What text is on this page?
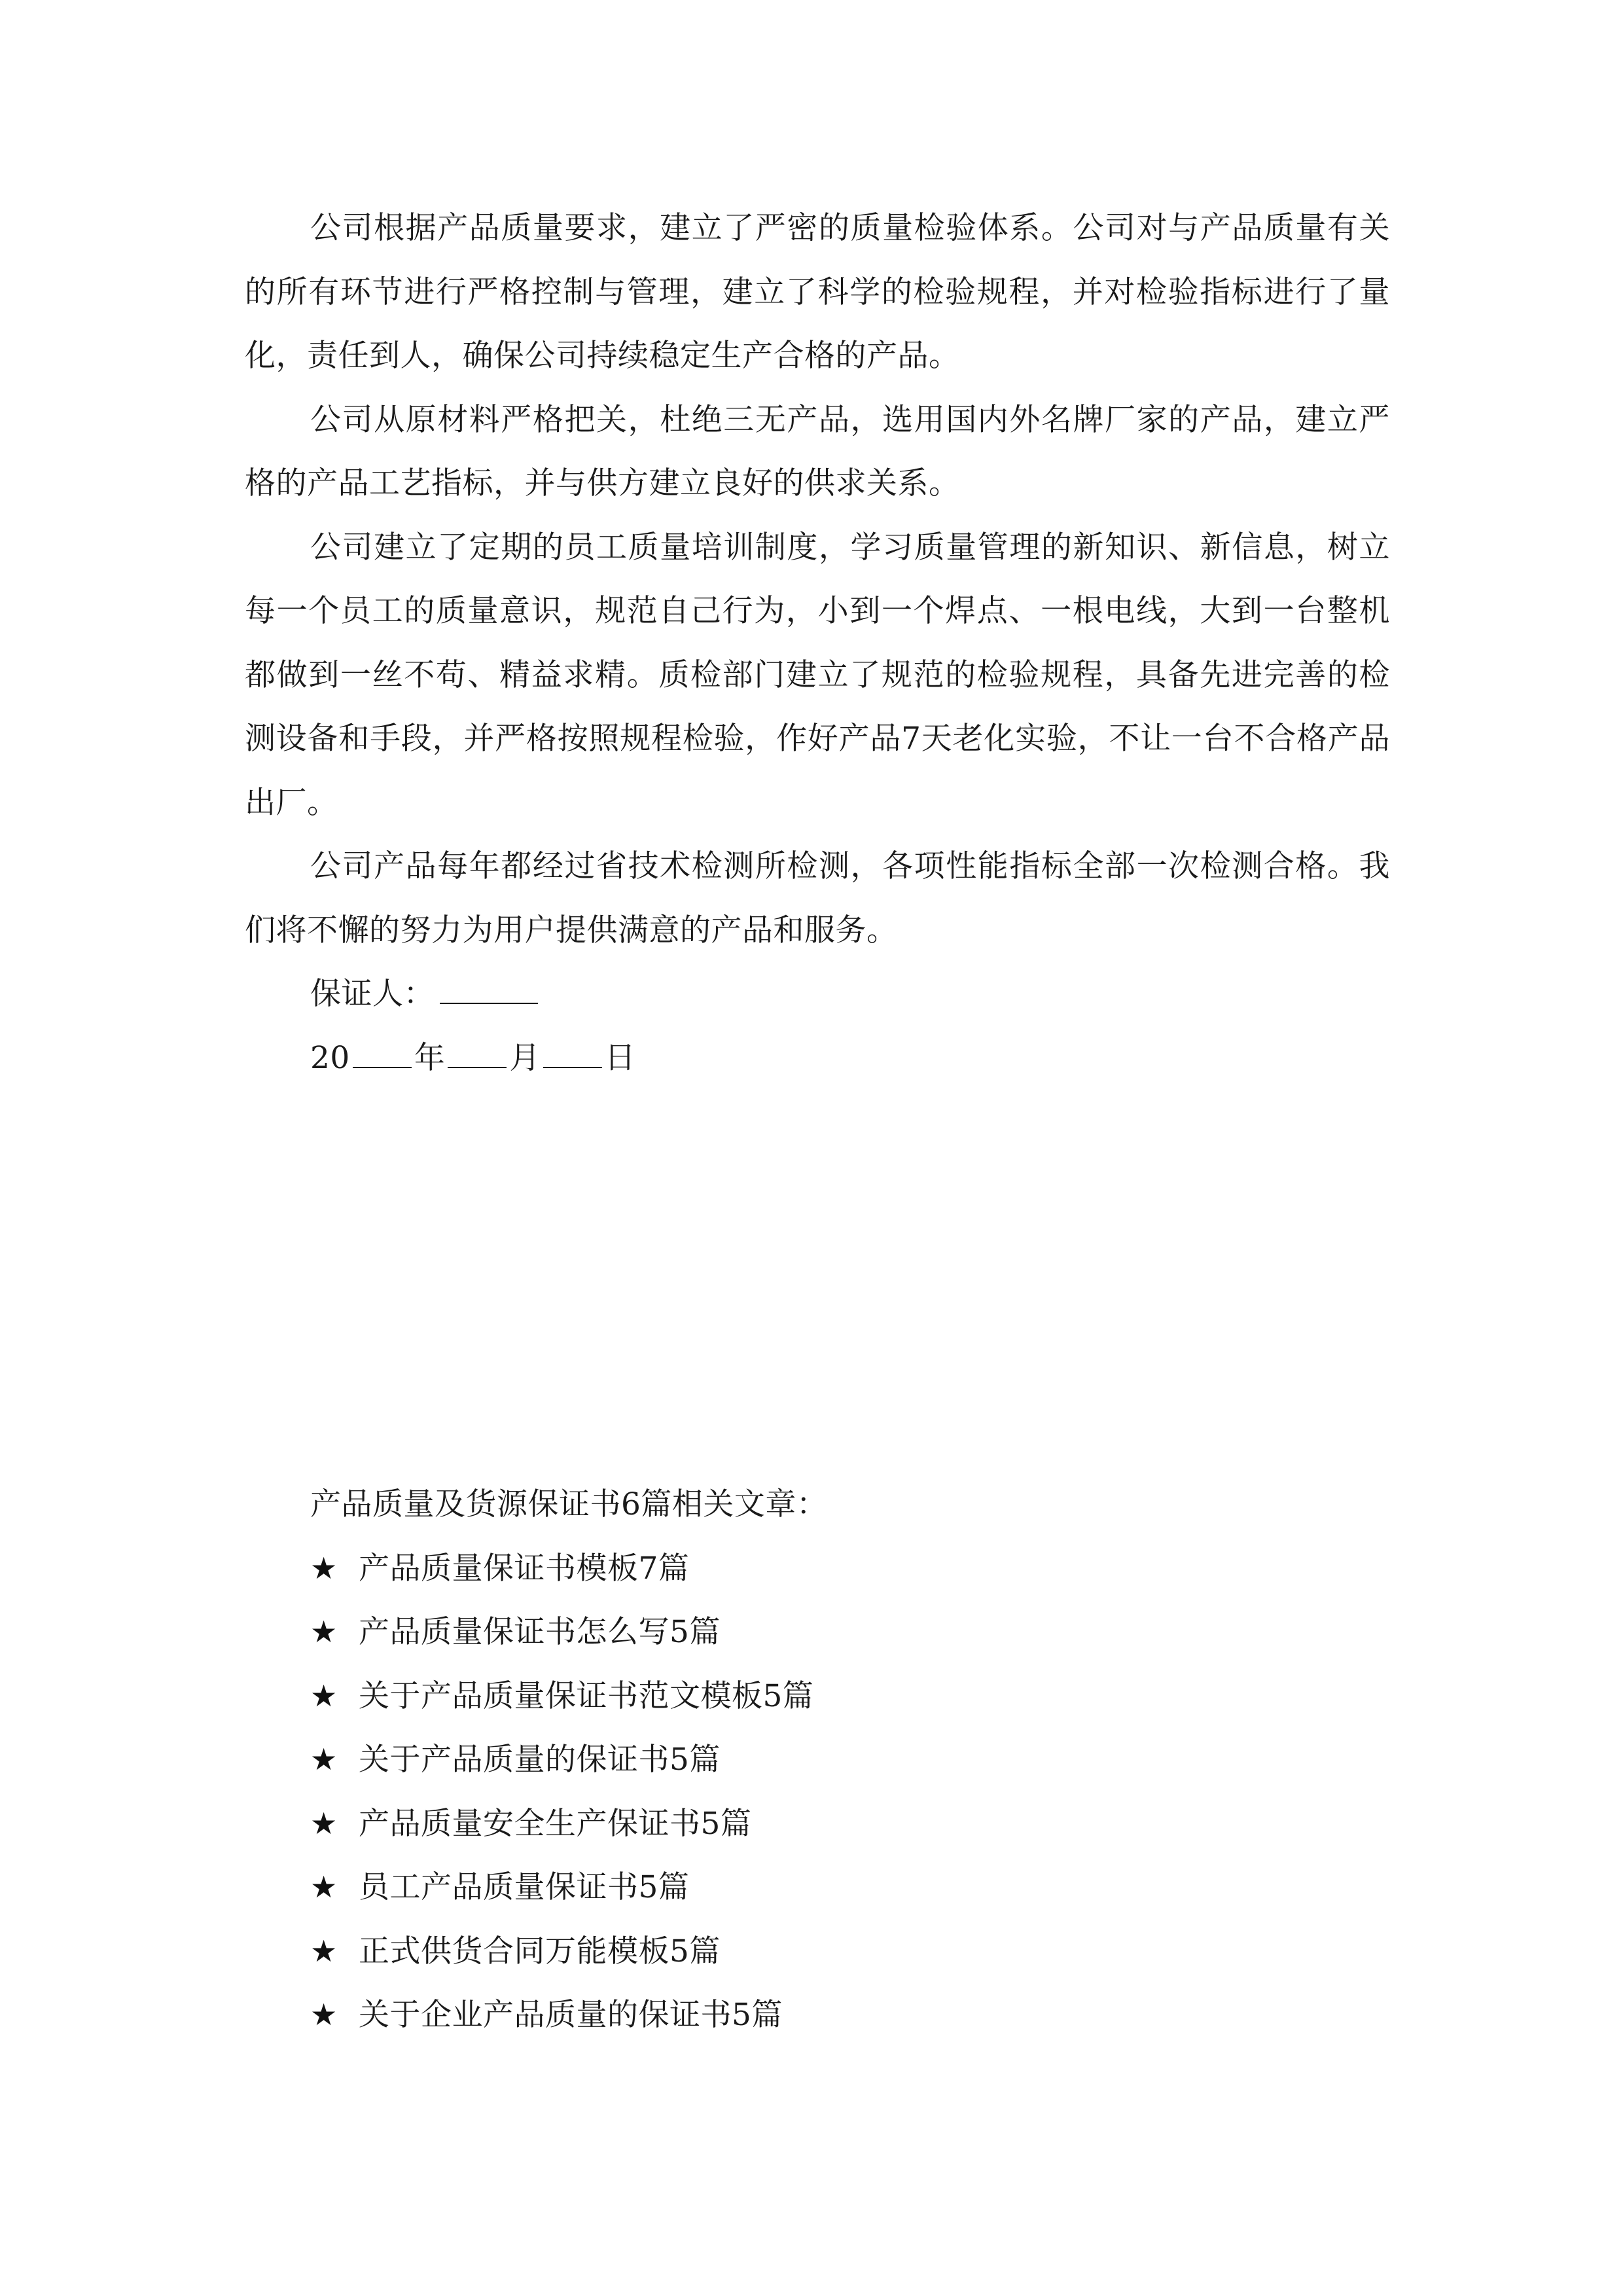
公司根据产品质量要求，建立了严密的质量检验体系。公司对与产品质量有关的所有环节进行严格控制与管理，建立了科学的检验规程，并对检验指标进行了量化，责任到人，确保公司持续稳定生产合格的产品。

公司从原材料严格把关，杜绝三无产品，选用国内外名牌厂家的产品，建立严格的产品工艺指标，并与供方建立良好的供求关系。

公司建立了定期的员工质量培训制度，学习质量管理的新知识、新信息，树立每一个员工的质量意识，规范自己行为，小到一个焊点、一根电线，大到一台整机都做到一丝不苟、精益求精。质检部门建立了规范的检验规程，具备先进完善的检测设备和手段，并严格按照规程检验，作好产品7天老化实验，不让一台不合格产品出厂。

公司产品每年都经过省技术检测所检测，各项性能指标全部一次检测合格。我们将不懈的努力为用户提供满意的产品和服务。

保证人：

20 年 月 日

产品质量及货源保证书6篇相关文章：

★ 产品质量保证书模板7篇
★ 产品质量保证书怎么写5篇
★ 关于产品质量保证书范文模板5篇
★ 关于产品质量的保证书5篇
★ 产品质量安全生产保证书5篇
★ 员工产品质量保证书5篇
★ 正式供货合同万能模板5篇
★ 关于企业产品质量的保证书5篇
